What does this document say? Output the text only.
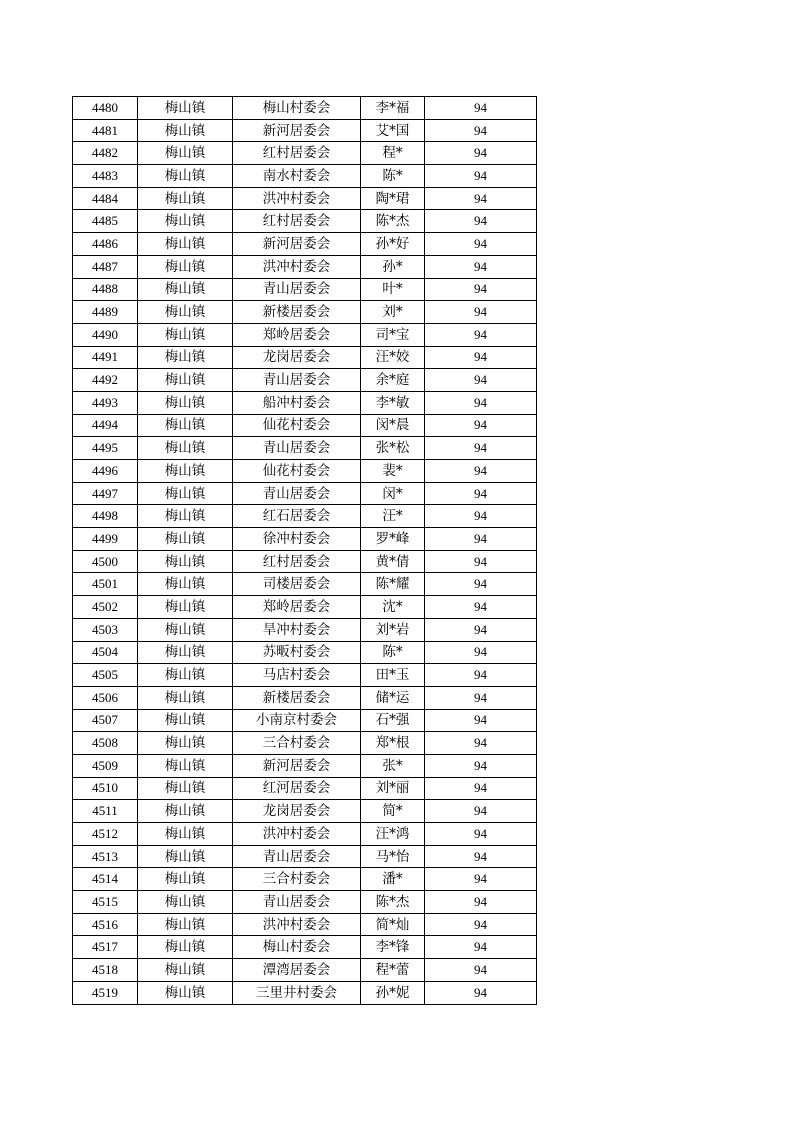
4480	梅山镇	梅山村委会	李*福	94
4481	梅山镇	新河居委会	艾*国	94
4482	梅山镇	红村居委会	程*	94
4483	梅山镇	南水村委会	陈*	94
4484	梅山镇	洪冲村委会	陶*珺	94
4485	梅山镇	红村居委会	陈*杰	94
4486	梅山镇	新河居委会	孙*好	94
4487	梅山镇	洪冲村委会	孙*	94
4488	梅山镇	青山居委会	叶*	94
4489	梅山镇	新楼居委会	刘*	94
4490	梅山镇	郑岭居委会	司*宝	94
4491	梅山镇	龙岗居委会	汪*姣	94
4492	梅山镇	青山居委会	余*庭	94
4493	梅山镇	船冲村委会	李*敏	94
4494	梅山镇	仙花村委会	闵*晨	94
4495	梅山镇	青山居委会	张*松	94
4496	梅山镇	仙花村委会	裴*	94
4497	梅山镇	青山居委会	闵*	94
4498	梅山镇	红石居委会	汪*	94
4499	梅山镇	徐冲村委会	罗*峰	94
4500	梅山镇	红村居委会	黄*倩	94
4501	梅山镇	司楼居委会	陈*耀	94
4502	梅山镇	郑岭居委会	沈*	94
4503	梅山镇	旱冲村委会	刘*岩	94
4504	梅山镇	苏畈村委会	陈*	94
4505	梅山镇	马店村委会	田*玉	94
4506	梅山镇	新楼居委会	储*运	94
4507	梅山镇	小南京村委会	石*强	94
4508	梅山镇	三合村委会	郑*根	94
4509	梅山镇	新河居委会	张*	94
4510	梅山镇	红河居委会	刘*丽	94
4511	梅山镇	龙岗居委会	简*	94
4512	梅山镇	洪冲村委会	汪*鸿	94
4513	梅山镇	青山居委会	马*怡	94
4514	梅山镇	三合村委会	潘*	94
4515	梅山镇	青山居委会	陈*杰	94
4516	梅山镇	洪冲村委会	简*灿	94
4517	梅山镇	梅山村委会	李*锋	94
4518	梅山镇	潭湾居委会	程*蕾	94
4519	梅山镇	三里井村委会	孙*妮	94
